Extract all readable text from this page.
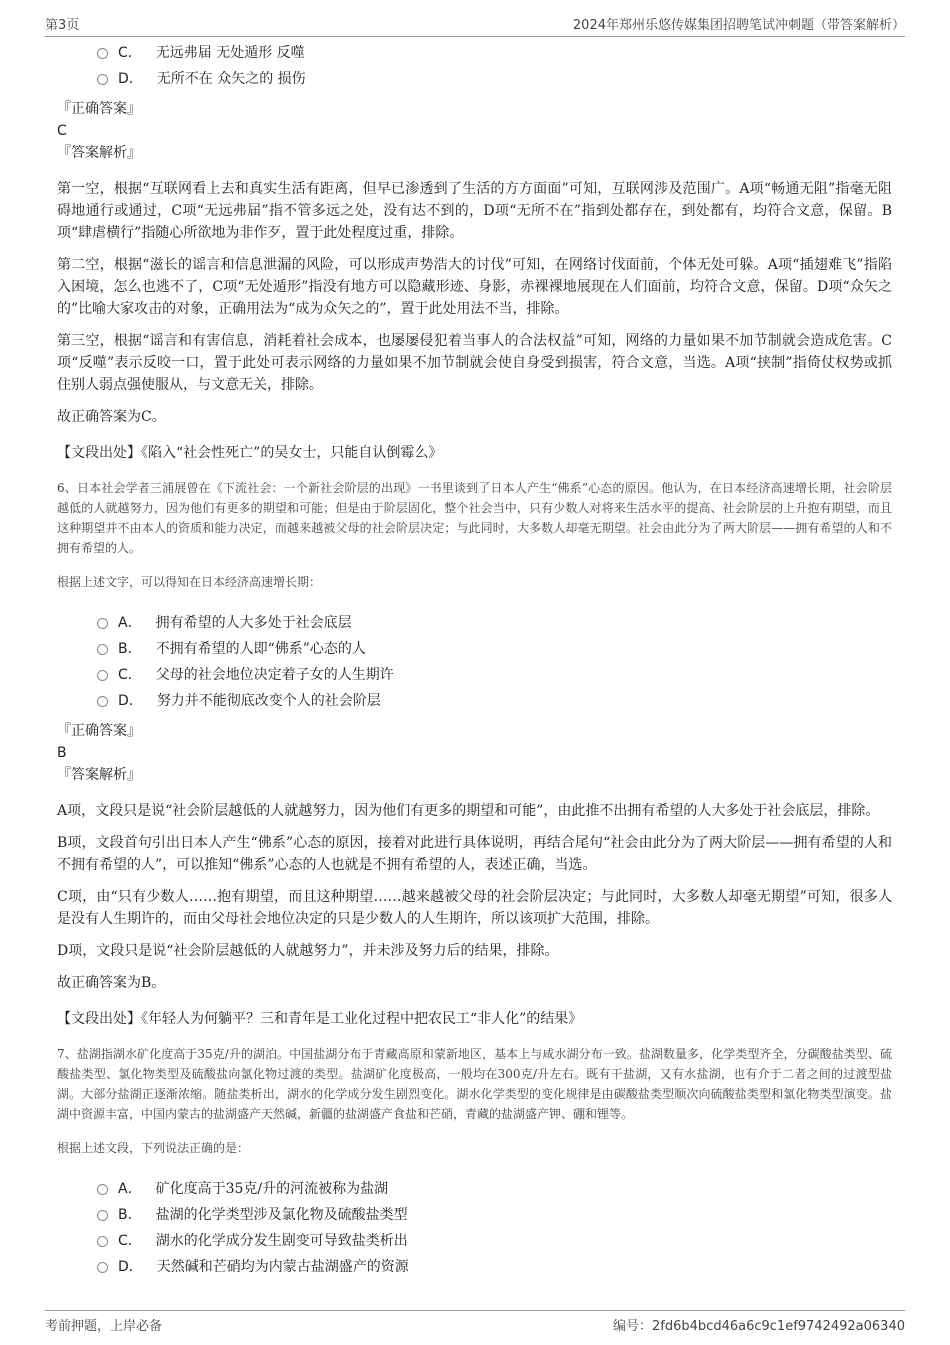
第3页	2024年郑州乐悠传媒集团招聘笔试冲刺题（带答案解析）
C． 无远弗届 无处遁形 反噬
D． 无所不在 众矢之的 损伤
『正确答案』
C
『答案解析』

第一空，根据“互联网看上去和真实生活有距离，但早已渗透到了生活的方方面面”可知，互联网涉及范围广。A项“畅通无阻”指毫无阻碍地通行或通过，C项“无远弗届”指不管多远之处，没有达不到的，D项“无所不在”指到处都存在，到处都有，均符合文意，保留。B项“肆虐横行”指随心所欲地为非作歹，置于此处程度过重，排除。

第二空，根据“滋长的谣言和信息泄漏的风险，可以形成声势浩大的讨伐”可知，在网络讨伐面前，个体无处可躲。A项“插翅难飞”指陷入困境，怎么也逃不了，C项“无处遁形”指没有地方可以隐藏形迹、身影，赤裸裸地展现在人们面前，均符合文意，保留。D项“众矢之的”比喻大家攻击的对象，正确用法为“成为众矢之的”，置于此处用法不当，排除。

第三空，根据“谣言和有害信息，消耗着社会成本，也屡屡侵犯着当事人的合法权益”可知，网络的力量如果不加节制就会造成危害。C项“反噬”表示反咬一口，置于此处可表示网络的力量如果不加节制就会使自身受到损害，符合文意，当选。A项“挟制”指倚仗权势或抓住别人弱点强使服从，与文意无关，排除。

故正确答案为C。

【文段出处】《陷入“社会性死亡”的吴女士，只能自认倒霉么》

6、日本社会学者三浦展曾在《下流社会：一个新社会阶层的出现》一书里谈到了日本人产生“佛系”心态的原因。他认为，在日本经济高速增长期，社会阶层越低的人就越努力，因为他们有更多的期望和可能；但是由于阶层固化，整个社会当中，只有少数人对将来生活水平的提高、社会阶层的上升抱有期望，而且这种期望并不由本人的资质和能力决定，而越来越被父母的社会阶层决定；与此同时，大多数人却毫无期望。社会由此分为了两大阶层——拥有希望的人和不拥有希望的人。

根据上述文字，可以得知在日本经济高速增长期：
A． 拥有希望的人大多处于社会底层
B． 不拥有希望的人即“佛系”心态的人
C． 父母的社会地位决定着子女的人生期许
D． 努力并不能彻底改变个人的社会阶层
『正确答案』
B
『答案解析』

A项，文段只是说“社会阶层越低的人就越努力，因为他们有更多的期望和可能”，由此推不出拥有希望的人大多处于社会底层，排除。

B项，文段首句引出日本人产生“佛系”心态的原因，接着对此进行具体说明，再结合尾句“社会由此分为了两大阶层——拥有希望的人和不拥有希望的人”，可以推知“佛系”心态的人也就是不拥有希望的人，表述正确，当选。

C项，由“只有少数人……抱有期望，而且这种期望……越来越被父母的社会阶层决定；与此同时，大多数人却毫无期望”可知，很多人是没有人生期许的，而由父母社会地位决定的只是少数人的人生期许，所以该项扩大范围，排除。

D项，文段只是说“社会阶层越低的人就越努力”，并未涉及努力后的结果，排除。

故正确答案为B。

【文段出处】《年轻人为何躺平？三和青年是工业化过程中把农民工“非人化”的结果》

7、盐湖指湖水矿化度高于35克/升的湖泊。中国盐湖分布于青藏高原和蒙新地区，基本上与咸水湖分布一致。盐湖数量多，化学类型齐全，分碳酸盐类型、硫酸盐类型、氯化物类型及硫酸盐向氯化物过渡的类型。盐湖矿化度极高，一般均在300克/升左右。既有干盐湖，又有水盐湖，也有介于二者之间的过渡型盐湖。大部分盐湖正逐渐浓缩。随盐类析出，湖水的化学成分发生剧烈变化。湖水化学类型的变化规律是由碳酸盐类型顺次向硫酸盐类型和氯化物类型演变。盐湖中资源丰富，中国内蒙古的盐湖盛产天然碱，新疆的盐湖盛产食盐和芒硝，青藏的盐湖盛产钾、硼和锂等。

根据上述文段，下列说法正确的是：
A． 矿化度高于35克/升的河流被称为盐湖
B． 盐湖的化学类型涉及氯化物及硫酸盐类型
C． 湖水的化学成分发生剧变可导致盐类析出
D． 天然碱和芒硝均为内蒙古盐湖盛产的资源
考前押题，上岸必备	编号：2fd6b4bcd46a6c9c1ef9742492a06340
